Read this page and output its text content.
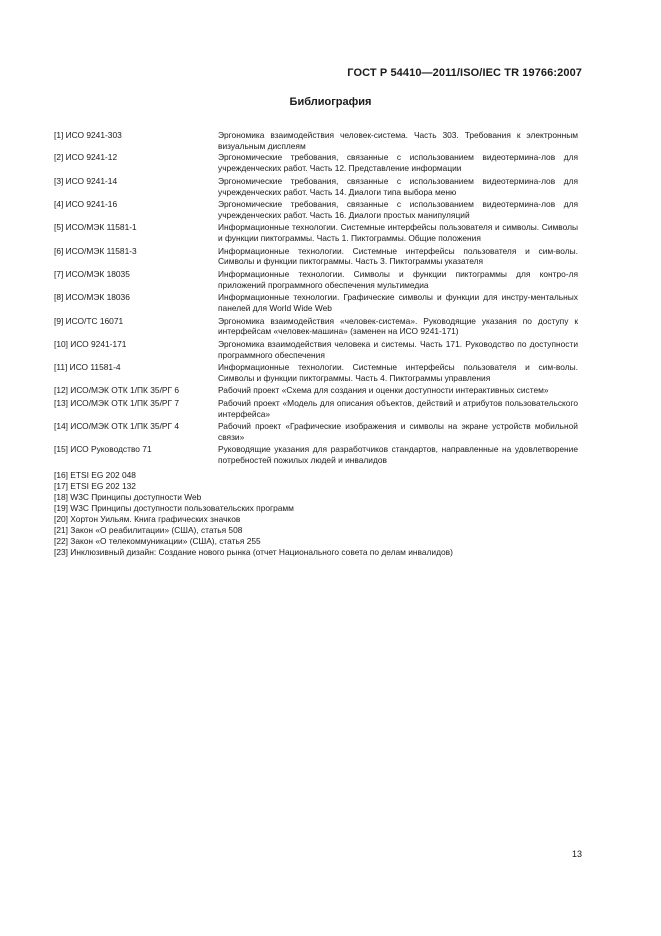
ГОСТ Р 54410—2011/ISO/IEC TR 19766:2007
Библиография
[1] ИСО 9241-303	Эргономика взаимодействия человек-система. Часть 303. Требования к электронным визуальным дисплеям
[2] ИСО 9241-12	Эргономические требования, связанные с использованием видеотермина-лов для учрежденческих работ. Часть 12. Представление информации
[3] ИСО 9241-14	Эргономические требования, связанные с использованием видеотермина-лов для учрежденческих работ. Часть 14. Диалоги типа выбора меню
[4] ИСО 9241-16	Эргономические требования, связанные с использованием видеотермина-лов для учрежденческих работ. Часть 16. Диалоги простых манипуляций
[5] ИСО/МЭК 11581-1	Информационные технологии. Системные интерфейсы пользователя и символы. Символы и функции пиктограммы. Часть 1. Пиктограммы. Общие положения
[6] ИСО/МЭК 11581-3	Информационные технологии. Системные интерфейсы пользователя и сим-волы. Символы и функции пиктограммы. Часть 3. Пиктограммы указателя
[7] ИСО/МЭК 18035	Информационные технологии. Символы и функции пиктограммы для контро-ля приложений программного обеспечения мультимедиа
[8] ИСО/МЭК 18036	Информационные технологии. Графические символы и функции для инстру-ментальных панелей для World Wide Web
[9] ИСО/ТС 16071	Эргономика взаимодействия «человек-система». Руководящие указания по доступу к интерфейсам «человек-машина» (заменен на ИСО 9241-171)
[10] ИСО 9241-171	Эргономика взаимодействия человека и системы. Часть 171. Руководство по доступности программного обеспечения
[11] ИСО 11581-4	Информационные технологии. Системные интерфейсы пользователя и сим-волы. Символы и функции пиктограммы. Часть 4. Пиктограммы управления
[12] ИСО/МЭК ОТК 1/ПК 35/РГ 6	Рабочий проект «Схема для создания и оценки доступности интерактивных систем»
[13] ИСО/МЭК ОТК 1/ПК 35/РГ 7	Рабочий проект «Модель для описания объектов, действий и атрибутов пользовательского интерфейса»
[14] ИСО/МЭК ОТК 1/ПК 35/РГ 4	Рабочий проект «Графические изображения и символы на экране устройств мобильной связи»
[15] ИСО Руководство 71	Руководящие указания для разработчиков стандартов, направленные на удовлетворение потребностей пожилых людей и инвалидов
[16] ETSI EG 202 048
[17] ETSI EG 202 132
[18] W3C Принципы доступности Web
[19] W3C Принципы доступности пользовательских программ
[20] Хортон Уильям. Книга графических значков
[21] Закон «О реабилитации» (США), статья 508
[22] Закон «О телекоммуникации» (США), статья 255
[23] Инклюзивный дизайн: Создание нового рынка (отчет Национального совета по делам инвалидов)
13
